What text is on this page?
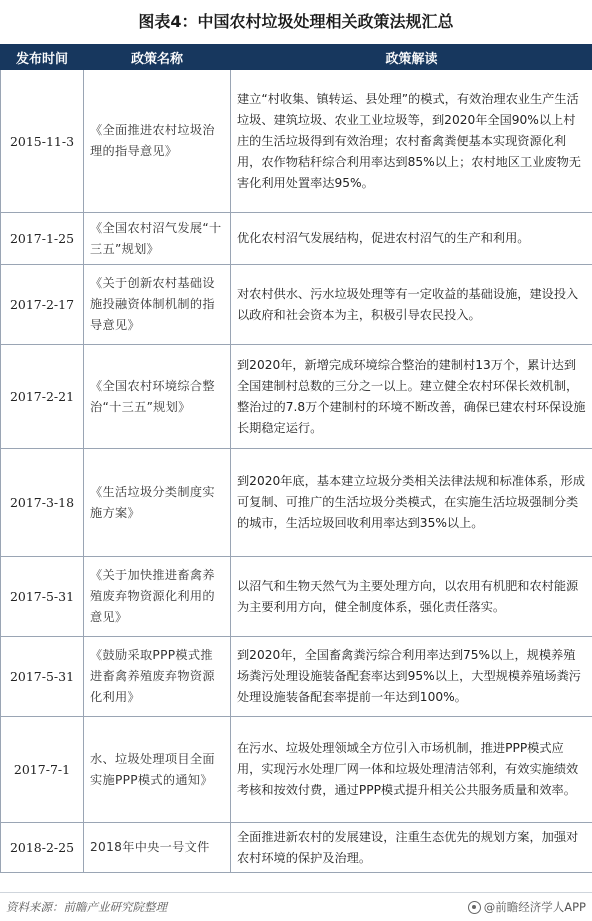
图表4：中国农村垃圾处理相关政策法规汇总
发布时间	政策名称	政策解读
2015-11-3	《全面推进农村垃圾治理的指导意见》	建立“村收集、镇转运、县处理”的模式，有效治理农业生产生活垃圾、建筑垃圾、农业工业垃圾等，到2020年全国90%以上村庄的生活垃圾得到有效治理；农村畜禽粪便基本实现资源化利用，农作物秸秆综合利用率达到85%以上；农村地区工业废物无害化利用处置率达95%。
2017-1-25	《全国农村沼气发展“十三五”规划》	优化农村沼气发展结构，促进农村沼气的生产和利用。
2017-2-17	《关于创新农村基础设施投融资体制机制的指导意见》	对农村供水、污水垃圾处理等有一定收益的基础设施，建设投入以政府和社会资本为主，积极引导农民投入。
2017-2-21	《全国农村环境综合整治“十三五”规划》	到2020年，新增完成环境综合整治的建制村13万个，累计达到全国建制村总数的三分之一以上。建立健全农村环保长效机制，整治过的7.8万个建制村的环境不断改善，确保已建农村环保设施长期稳定运行。
2017-3-18	《生活垃圾分类制度实施方案》	到2020年底，基本建立垃圾分类相关法律法规和标准体系，形成可复制、可推广的生活垃圾分类模式，在实施生活垃圾强制分类的城市，生活垃圾回收利用率达到35%以上。
2017-5-31	《关于加快推进畜禽养殖废弃物资源化利用的意见》	以沼气和生物天然气为主要处理方向，以农用有机肥和农村能源为主要利用方向，健全制度体系，强化责任落实。
2017-5-31	《鼓励采取PPP模式推进畜禽养殖废弃物资源化利用》	到2020年，全国畜禽粪污综合利用率达到75%以上，规模养殖场粪污处理设施装备配套率达到95%以上，大型规模养殖场粪污处理设施装备配套率提前一年达到100%。
2017-7-1	水、垃圾处理项目全面实施PPP模式的通知》	在污水、垃圾处理领域全方位引入市场机制，推进PPP模式应用，实现污水处理厂网一体和垃圾处理清洁邻利，有效实施绩效考核和按效付费，通过PPP模式提升相关公共服务质量和效率。
2018-2-25	2018年中央一号文件	全面推进新农村的发展建设，注重生态优先的规划方案，加强对农村环境的保护及治理。
资料来源：前瞻产业研究院整理	@前瞻经济学人APP
